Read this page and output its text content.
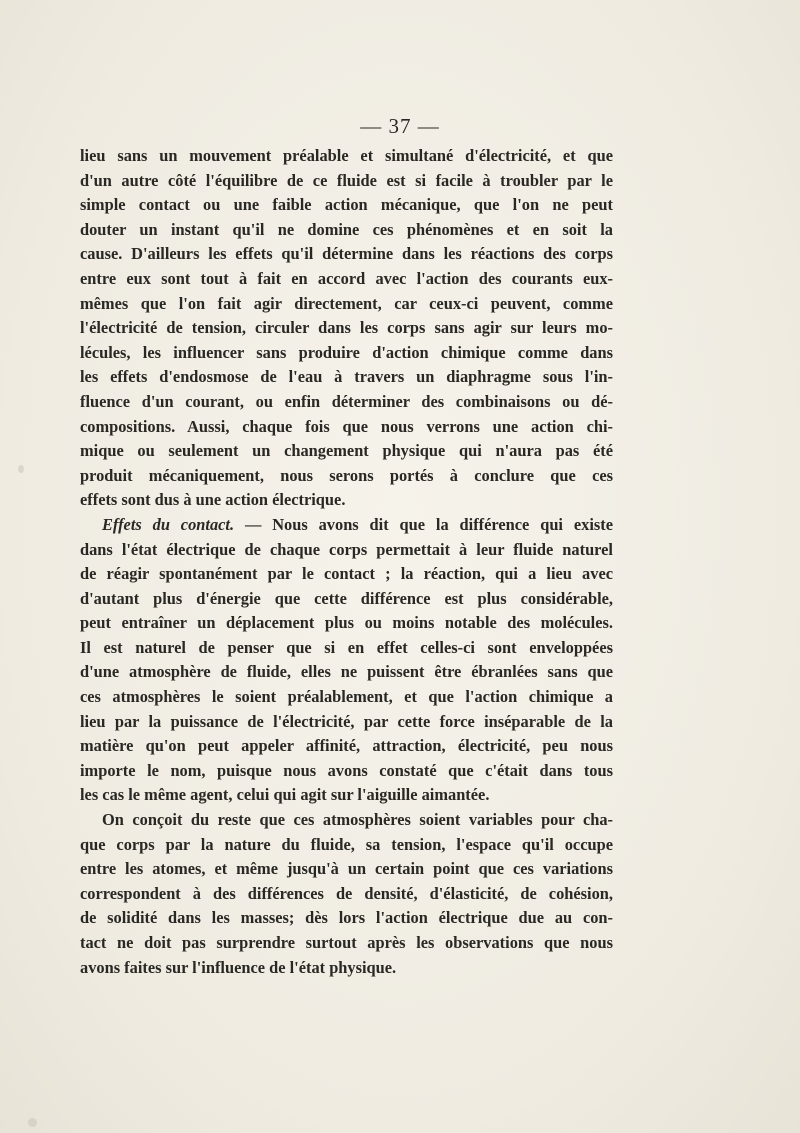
— 37 —
lieu sans un mouvement préalable et simultané d'électricité, et que
d'un autre côté l'équilibre de ce fluide est si facile à troubler par le
simple contact ou une faible action mécanique, que l'on ne peut
douter un instant qu'il ne domine ces phénomènes et en soit la
cause. D'ailleurs les effets qu'il détermine dans les réactions des corps
entre eux sont tout à fait en accord avec l'action des courants eux-
mêmes que l'on fait agir directement, car ceux-ci peuvent, comme
l'électricité de tension, circuler dans les corps sans agir sur leurs mo-
lécules, les influencer sans produire d'action chimique comme dans
les effets d'endosmose de l'eau à travers un diaphragme sous l'in-
fluence d'un courant, ou enfin déterminer des combinaisons ou dé-
compositions. Aussi, chaque fois que nous verrons une action chi-
mique ou seulement un changement physique qui n'aura pas été
produit mécaniquement, nous serons portés à conclure que ces
effets sont dus à une action électrique.
Effets du contact. — Nous avons dit que la différence qui existe
dans l'état électrique de chaque corps permettait à leur fluide naturel
de réagir spontanément par le contact ; la réaction, qui a lieu avec
d'autant plus d'énergie que cette différence est plus considérable,
peut entraîner un déplacement plus ou moins notable des molécules.
Il est naturel de penser que si en effet celles-ci sont enveloppées
d'une atmosphère de fluide, elles ne puissent être ébranlées sans que
ces atmosphères le soient préalablement, et que l'action chimique a
lieu par la puissance de l'électricité, par cette force inséparable de la
matière qu'on peut appeler affinité, attraction, électricité, peu nous
importe le nom, puisque nous avons constaté que c'était dans tous
les cas le même agent, celui qui agit sur l'aiguille aimantée.
On conçoit du reste que ces atmosphères soient variables pour cha-
que corps par la nature du fluide, sa tension, l'espace qu'il occupe
entre les atomes, et même jusqu'à un certain point que ces variations
correspondent à des différences de densité, d'élasticité, de cohésion,
de solidité dans les masses; dès lors l'action électrique due au con-
tact ne doit pas surprendre surtout après les observations que nous
avons faites sur l'influence de l'état physique.
